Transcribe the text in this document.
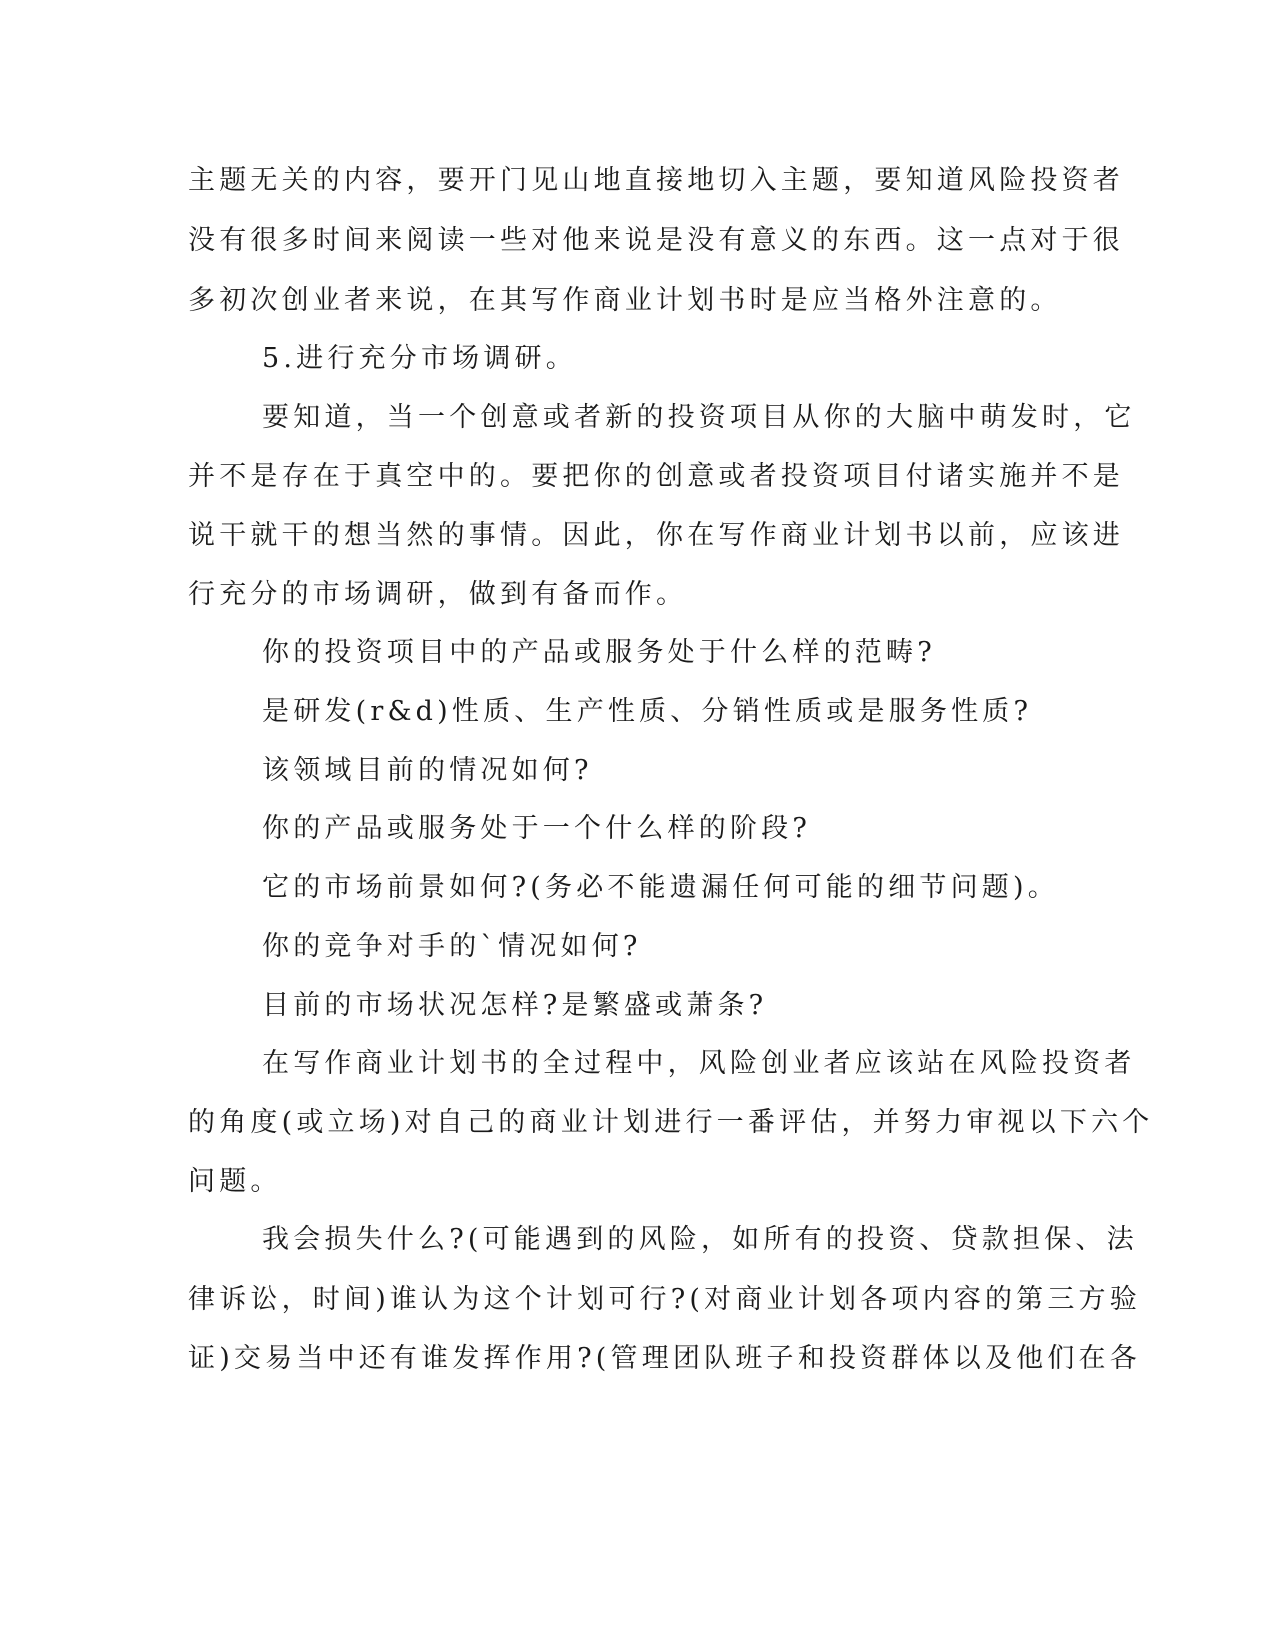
主题无关的内容，要开门见山地直接地切入主题，要知道风险投资者
没有很多时间来阅读一些对他来说是没有意义的东西。这一点对于很
多初次创业者来说，在其写作商业计划书时是应当格外注意的。
5.进行充分市场调研。
要知道，当一个创意或者新的投资项目从你的大脑中萌发时，它
并不是存在于真空中的。要把你的创意或者投资项目付诸实施并不是
说干就干的想当然的事情。因此，你在写作商业计划书以前，应该进
行充分的市场调研，做到有备而作。
你的投资项目中的产品或服务处于什么样的范畴?
是研发(r&d)性质、生产性质、分销性质或是服务性质?
该领域目前的情况如何?
你的产品或服务处于一个什么样的阶段?
它的市场前景如何?(务必不能遗漏任何可能的细节问题)。
你的竞争对手的`情况如何?
目前的市场状况怎样?是繁盛或萧条?
在写作商业计划书的全过程中，风险创业者应该站在风险投资者
的角度(或立场)对自己的商业计划进行一番评估，并努力审视以下六个
问题。
我会损失什么?(可能遇到的风险，如所有的投资、贷款担保、法
律诉讼，时间)谁认为这个计划可行?(对商业计划各项内容的第三方验
证)交易当中还有谁发挥作用?(管理团队班子和投资群体以及他们在各
